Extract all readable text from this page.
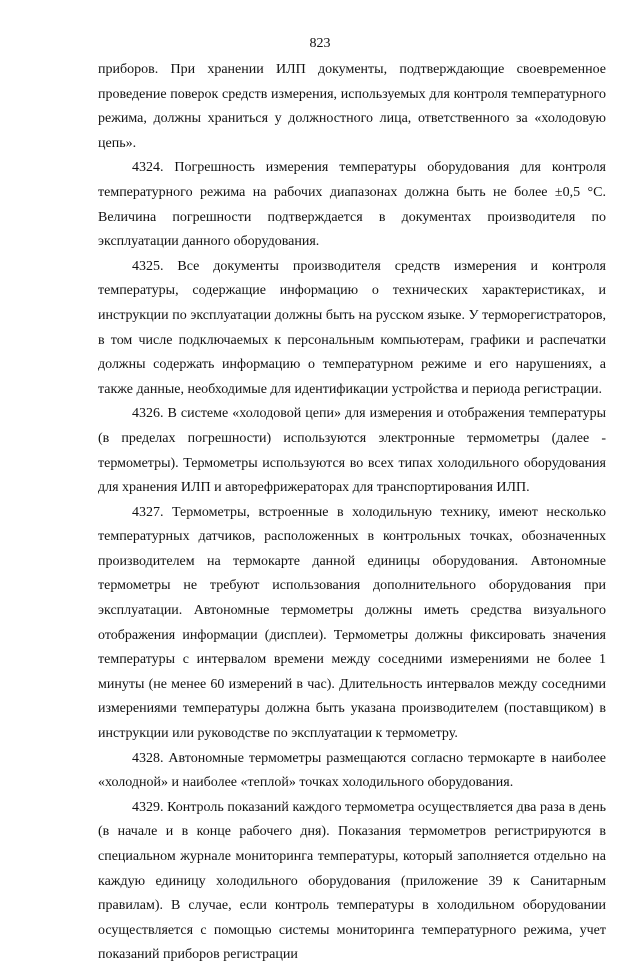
823

приборов. При хранении ИЛП документы, подтверждающие своевременное проведение поверок средств измерения, используемых для контроля температурного режима, должны храниться у должностного лица, ответственного за «холодовую цепь».

4324. Погрешность измерения температуры оборудования для контроля температурного режима на рабочих диапазонах должна быть не более ±0,5 °С. Величина погрешности подтверждается в документах производителя по эксплуатации данного оборудования.

4325. Все документы производителя средств измерения и контроля температуры, содержащие информацию о технических характеристиках, и инструкции по эксплуатации должны быть на русском языке. У терморегистраторов, в том числе подключаемых к персональным компьютерам, графики и распечатки должны содержать информацию о температурном режиме и его нарушениях, а также данные, необходимые для идентификации устройства и периода регистрации.

4326. В системе «холодовой цепи» для измерения и отображения температуры (в пределах погрешности) используются электронные термометры (далее - термометры). Термометры используются во всех типах холодильного оборудования для хранения ИЛП и авторефрижераторах для транспортирования ИЛП.

4327. Термометры, встроенные в холодильную технику, имеют несколько температурных датчиков, расположенных в контрольных точках, обозначенных производителем на термокарте данной единицы оборудования. Автономные термометры не требуют использования дополнительного оборудования при эксплуатации. Автономные термометры должны иметь средства визуального отображения информации (дисплеи). Термометры должны фиксировать значения температуры с интервалом времени между соседними измерениями не более 1 минуты (не менее 60 измерений в час). Длительность интервалов между соседними измерениями температуры должна быть указана производителем (поставщиком) в инструкции или руководстве по эксплуатации к термометру.

4328. Автономные термометры размещаются согласно термокарте в наиболее «холодной» и наиболее «теплой» точках холодильного оборудования.

4329. Контроль показаний каждого термометра осуществляется два раза в день (в начале и в конце рабочего дня). Показания термометров регистрируются в специальном журнале мониторинга температуры, который заполняется отдельно на каждую единицу холодильного оборудования (приложение 39 к Санитарным правилам). В случае, если контроль температуры в холодильном оборудовании осуществляется с помощью системы мониторинга температурного режима, учет показаний приборов регистрации
